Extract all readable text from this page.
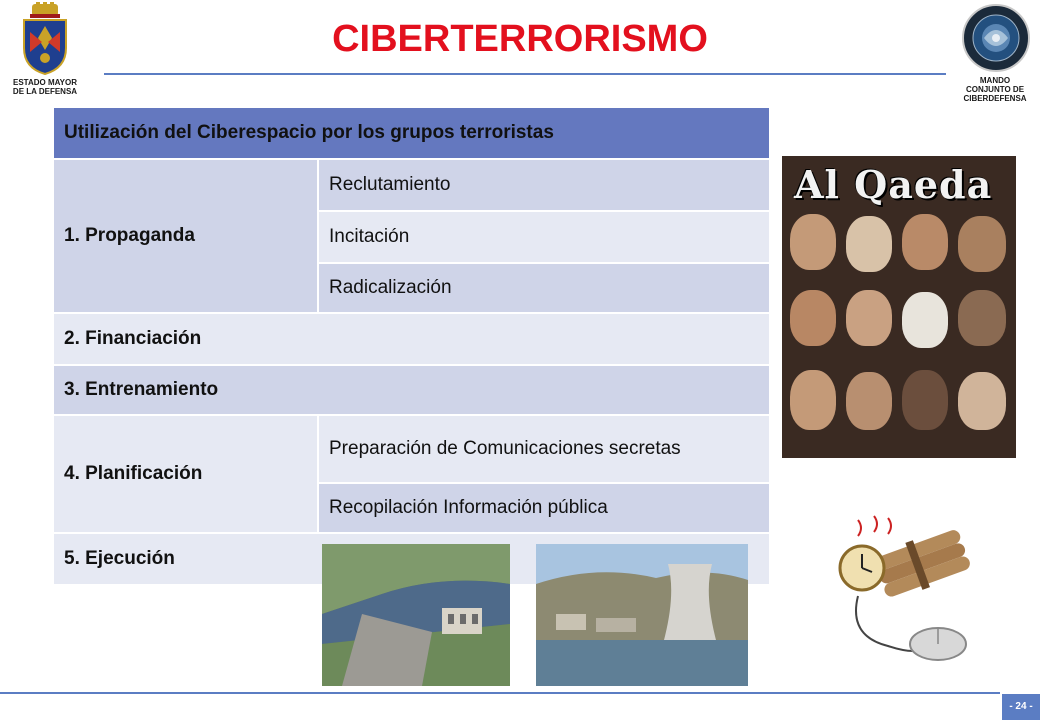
ESTADO MAYOR
DE LA DEFENSA
CIBERTERRORISMO
MANDO
CONJUNTO DE
CIBERDEFENSA
Utilización del Ciberespacio por los grupos terroristas	
1. Propaganda	Reclutamiento
	Incitación
	Radicalización
2. Financiación	
3. Entrenamiento	
4. Planificación	Preparación de Comunicaciones secretas
	Recopilación Información pública
5. Ejecución	
Al Qaeda
- 24 -
